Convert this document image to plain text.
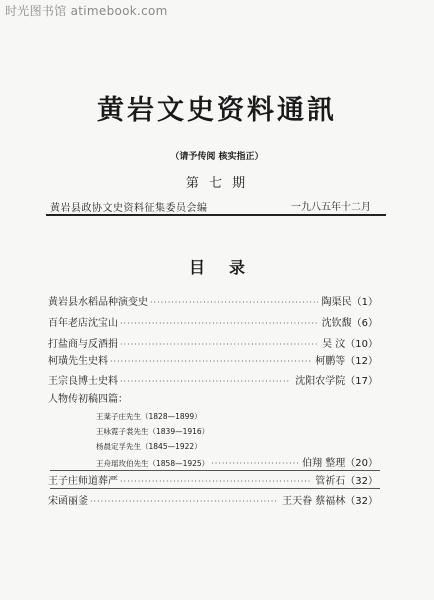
时光图书馆 atimebook.com
黄岩文史资料通訊
（请予传阅 核实指正）
第 七 期
黄岩县政协文史资料征集委员会编	一九八五年十二月
目录
黄岩县水稻品种演变史 ·····	陶渠民（1）
百年老店沈宝山 ·····	沈钦馥（6）
打盐商与反酒捐 ·····	吴 汶（10）
柯璜先生史料 ·····	柯鹏等（12）
王宗良博士史料 ·····	沈阳农学院（17）
人物传初稿四篇：
王棻子庄先生（1828—1899）
王咏霓子裳先生（1839—1916）
杨晨定孚先生（1845—1922）
王舟瑶玫伯先生（1858—1925） ·····	伯翔 整理（20）
王子庄师道葬严 ·····	管祈石（32）
宋函丽釜 ·····	王天眷 蔡福林（32）
